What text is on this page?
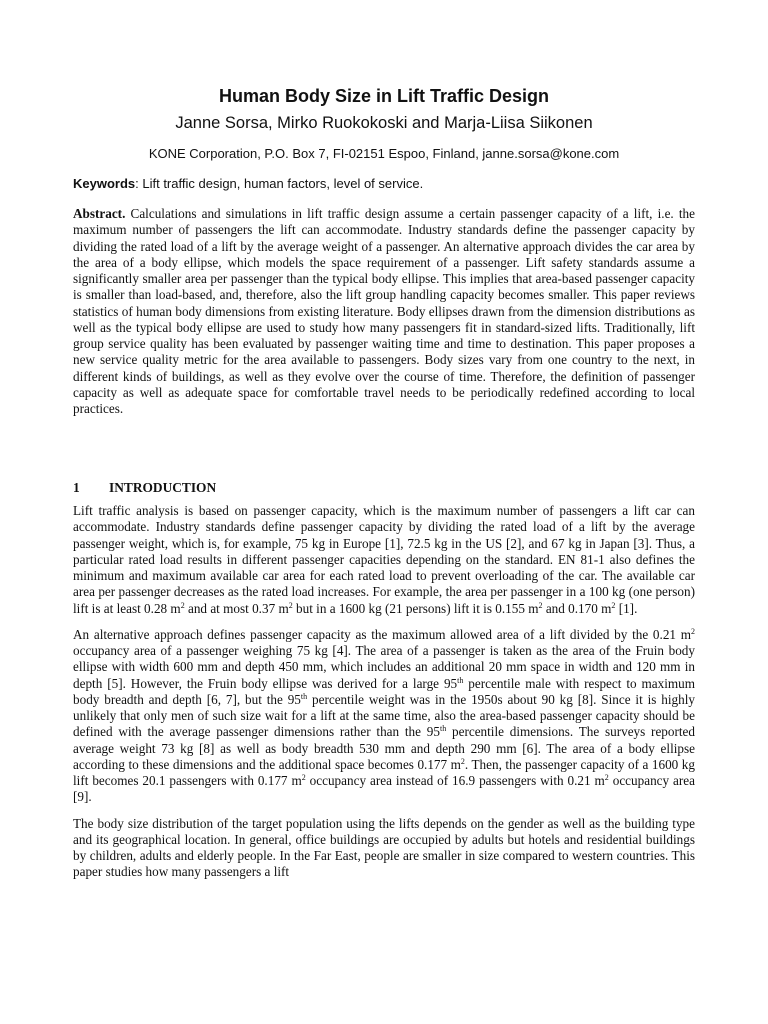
Human Body Size in Lift Traffic Design
Janne Sorsa, Mirko Ruokokoski and Marja-Liisa Siikonen
KONE Corporation, P.O. Box 7, FI-02151 Espoo, Finland, janne.sorsa@kone.com
Keywords: Lift traffic design, human factors, level of service.

Abstract. Calculations and simulations in lift traffic design assume a certain passenger capacity of a lift, i.e. the maximum number of passengers the lift can accommodate. Industry standards define the passenger capacity by dividing the rated load of a lift by the average weight of a passenger. An alternative approach divides the car area by the area of a body ellipse, which models the space requirement of a passenger. Lift safety standards assume a significantly smaller area per passenger than the typical body ellipse. This implies that area-based passenger capacity is smaller than load-based, and, therefore, also the lift group handling capacity becomes smaller. This paper reviews statistics of human body dimensions from existing literature. Body ellipses drawn from the dimension distributions as well as the typical body ellipse are used to study how many passengers fit in standard-sized lifts. Traditionally, lift group service quality has been evaluated by passenger waiting time and time to destination. This paper proposes a new service quality metric for the area available to passengers. Body sizes vary from one country to the next, in different kinds of buildings, as well as they evolve over the course of time. Therefore, the definition of passenger capacity as well as adequate space for comfortable travel needs to be periodically redefined according to local practices.

1	INTRODUCTION

Lift traffic analysis is based on passenger capacity, which is the maximum number of passengers a lift car can accommodate. Industry standards define passenger capacity by dividing the rated load of a lift by the average passenger weight, which is, for example, 75 kg in Europe [1], 72.5 kg in the US [2], and 67 kg in Japan [3]. Thus, a particular rated load results in different passenger capacities depending on the standard. EN 81-1 also defines the minimum and maximum available car area for each rated load to prevent overloading of the car. The available car area per passenger decreases as the rated load increases. For example, the area per passenger in a 100 kg (one person) lift is at least 0.28 $m^2$ and at most 0.37 $m^2$ but in a 1600 kg (21 persons) lift it is 0.155 $m^2$ and 0.170 $m^2$ [1].

An alternative approach defines passenger capacity as the maximum allowed area of a lift divided by the 0.21 $m^2$ occupancy area of a passenger weighing 75 kg [4]. The area of a passenger is taken as the area of the Fruin body ellipse with width 600 mm and depth 450 mm, which includes an additional 20 mm space in width and 120 mm in depth [5]. However, the Fruin body ellipse was derived for a large 95th percentile male with respect to maximum body breadth and depth [6, 7], but the 95th percentile weight was in the 1950s about 90 kg [8]. Since it is highly unlikely that only men of such size wait for a lift at the same time, also the area-based passenger capacity should be defined with the average passenger dimensions rather than the 95th percentile dimensions. The surveys reported average weight 73 kg [8] as well as body breadth 530 mm and depth 290 mm [6]. The area of a body ellipse according to these dimensions and the additional space becomes 0.177 $m^2$. Then, the passenger capacity of a 1600 kg lift becomes 20.1 passengers with 0.177 $m^2$ occupancy area instead of 16.9 passengers with 0.21 $m^2$ occupancy area [9].

The body size distribution of the target population using the lifts depends on the gender as well as the building type and its geographical location. In general, office buildings are occupied by adults but hotels and residential buildings by children, adults and elderly people. In the Far East, people are smaller in size compared to western countries. This paper studies how many passengers a lift
